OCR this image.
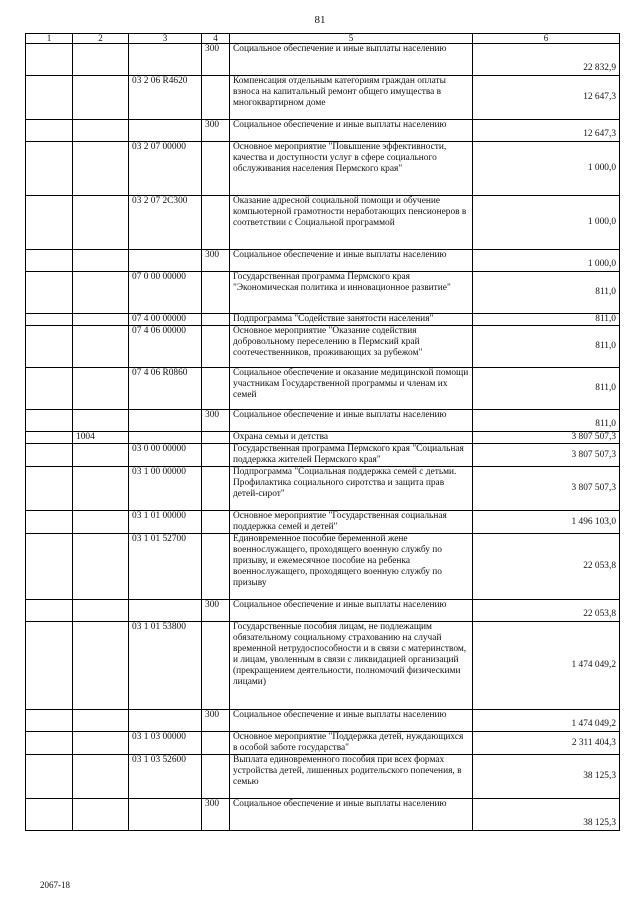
81
1	2	3	4	5	6
			300	Социальное обеспечение и иные выплаты населению	22 832,9
		03 2 06 R4620		Компенсация отдельным категориям граждан оплаты взноса на капитальный ремонт общего имущества в многоквартирном доме	12 647,3
			300	Социальное обеспечение и иные выплаты населению	12 647,3
		03 2 07 00000		Основное мероприятие "Повышение эффективности, качества и доступности услуг в сфере социального обслуживания населения Пермского края"	1 000,0
		03 2 07 2С300		Оказание адресной социальной помощи и обучение компьютерной грамотности неработающих пенсионеров в соответствии с Социальной программой	1 000,0
			300	Социальное обеспечение и иные выплаты населению	1 000,0
		07 0 00 00000		Государственная программа Пермского края "Экономическая политика и инновационное развитие"	811,0
		07 4 00 00000		Подпрограмма "Содействие занятости населения"	811,0
		07 4 06 00000		Основное мероприятие "Оказание содействия добровольному переселению в Пермский край соотечественников, проживающих за рубежом"	811,0
		07 4 06 R0860		Социальное обеспечение и оказание медицинской помощи участникам Государственной программы и членам их семей	811,0
			300	Социальное обеспечение и иные выплаты населению	811,0
	1004			Охрана семьи и детства	3 807 507,3
		03 0 00 00000		Государственная программа Пермского края "Социальная поддержка жителей Пермского края"	3 807 507,3
		03 1 00 00000		Подпрограмма "Социальная поддержка семей с детьми. Профилактика социального сиротства и защита прав детей-сирот"	3 807 507,3
		03 1 01 00000		Основное мероприятие "Государственная социальная поддержка семей и детей"	1 496 103,0
		03 1 01 52700		Единовременное пособие беременной жене военнослужащего, проходящего военную службу по призыву, и ежемесячное пособие на ребенка военнослужащего, проходящего военную службу по призыву	22 053,8
			300	Социальное обеспечение и иные выплаты населению	22 053,8
		03 1 01 53800		Государственные пособия лицам, не подлежащим обязательному социальному страхованию на случай временной нетрудоспособности и в связи с материнством, и лицам, уволенным в связи с ликвидацией организаций (прекращением деятельности, полномочий физическими лицами)	1 474 049,2
			300	Социальное обеспечение и иные выплаты населению	1 474 049,2
		03 1 03 00000		Основное мероприятие "Поддержка детей, нуждающихся в особой заботе государства"	2 311 404,3
		03 1 03 52600		Выплата единовременного пособия при всех формах устройства детей, лишенных родительского попечения, в семью	38 125,3
			300	Социальное обеспечение и иные выплаты населению	38 125,3
2067-18
